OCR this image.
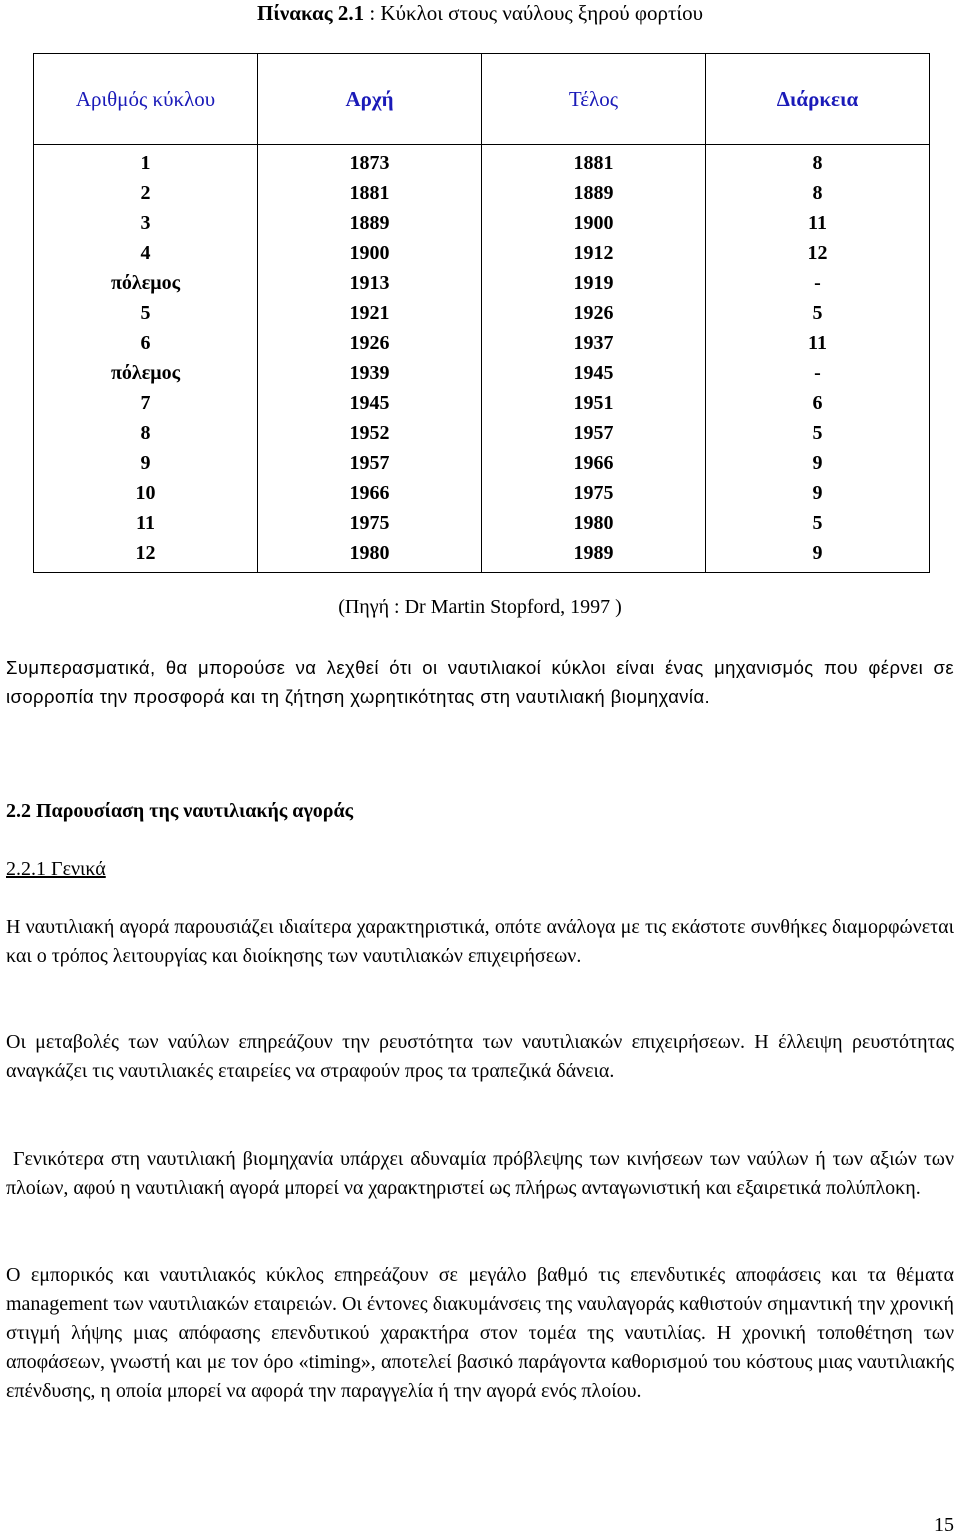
Πίνακας 2.1 : Κύκλοι στους ναύλους ξηρού φορτίου
Αριθμός κύκλου	Αρχή	Τέλος	Διάρκεια
1	1873	1881	8
2	1881	1889	8
3	1889	1900	11
4	1900	1912	12
πόλεμος	1913	1919	-
5	1921	1926	5
6	1926	1937	11
πόλεμος	1939	1945	-
7	1945	1951	6
8	1952	1957	5
9	1957	1966	9
10	1966	1975	9
11	1975	1980	5
12	1980	1989	9
(Πηγή : Dr Martin Stopford, 1997 )

Συμπερασματικά, θα μπορούσε να λεχθεί ότι οι ναυτιλιακοί κύκλοι είναι ένας μηχανισμός που φέρνει σε ισορροπία την προσφορά και τη ζήτηση χωρητικότητας στη ναυτιλιακή βιομηχανία.

2.2 Παρουσίαση της ναυτιλιακής αγοράς
2.2.1 Γενικά

Η ναυτιλιακή αγορά παρουσιάζει ιδιαίτερα χαρακτηριστικά, οπότε ανάλογα με τις εκάστοτε συνθήκες διαμορφώνεται και ο τρόπος λειτουργίας και διοίκησης των ναυτιλιακών επιχειρήσεων.

Οι μεταβολές των ναύλων επηρεάζουν την ρευστότητα των ναυτιλιακών επιχειρήσεων. Η έλλειψη ρευστότητας αναγκάζει τις ναυτιλιακές εταιρείες να στραφούν προς τα τραπεζικά δάνεια.

Γενικότερα στη ναυτιλιακή βιομηχανία υπάρχει αδυναμία πρόβλεψης των κινήσεων των ναύλων ή των αξιών των πλοίων, αφού η ναυτιλιακή αγορά μπορεί να χαρακτηριστεί ως πλήρως ανταγωνιστική και εξαιρετικά πολύπλοκη.

Ο εμπορικός και ναυτιλιακός κύκλος επηρεάζουν σε μεγάλο βαθμό τις επενδυτικές αποφάσεις και τα θέματα management των ναυτιλιακών εταιρειών. Οι έντονες διακυμάνσεις της ναυλαγοράς καθιστούν σημαντική την χρονική στιγμή λήψης μιας απόφασης επενδυτικού χαρακτήρα στον τομέα της ναυτιλίας. Η χρονική τοποθέτηση των αποφάσεων, γνωστή και με τον όρο «timing», αποτελεί βασικό παράγοντα καθορισμού του κόστους μιας ναυτιλιακής επένδυσης, η οποία μπορεί να αφορά την παραγγελία ή την αγορά ενός πλοίου.

15
